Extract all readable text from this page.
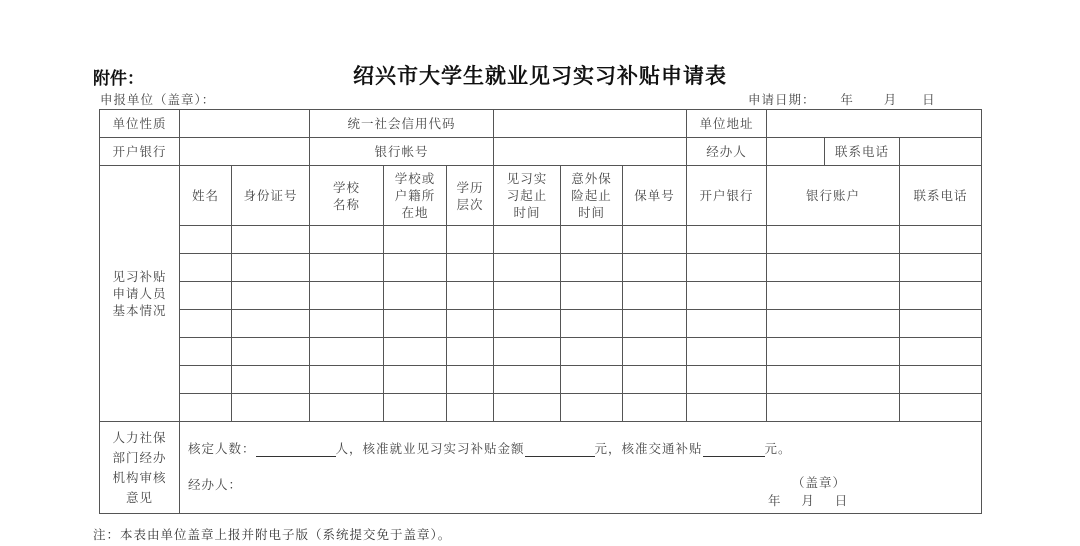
附件：	绍兴市大学生就业见习实习补贴申请表
申报单位（盖章）：	申请日期：     年      月     日
单位性质			统一社会信用代码						单位地址			
开户银行			银行帐号						经办人		联系电话	

见习补贴申请人员基本情况	姓名	身份证号	学校名称	学校或户籍所在地	学历层次	见习实习起止时间	意外保险起止时间	保单号	开户银行	银行账户		联系电话

人力社保部门经办机构审核意见	核定人数： 人，核准就业见习实习补贴金额 元，核准交通补贴 元。
经办人： （盖章）
年    月    日											
注：本表由单位盖章上报并附电子版（系统提交免于盖章）。
